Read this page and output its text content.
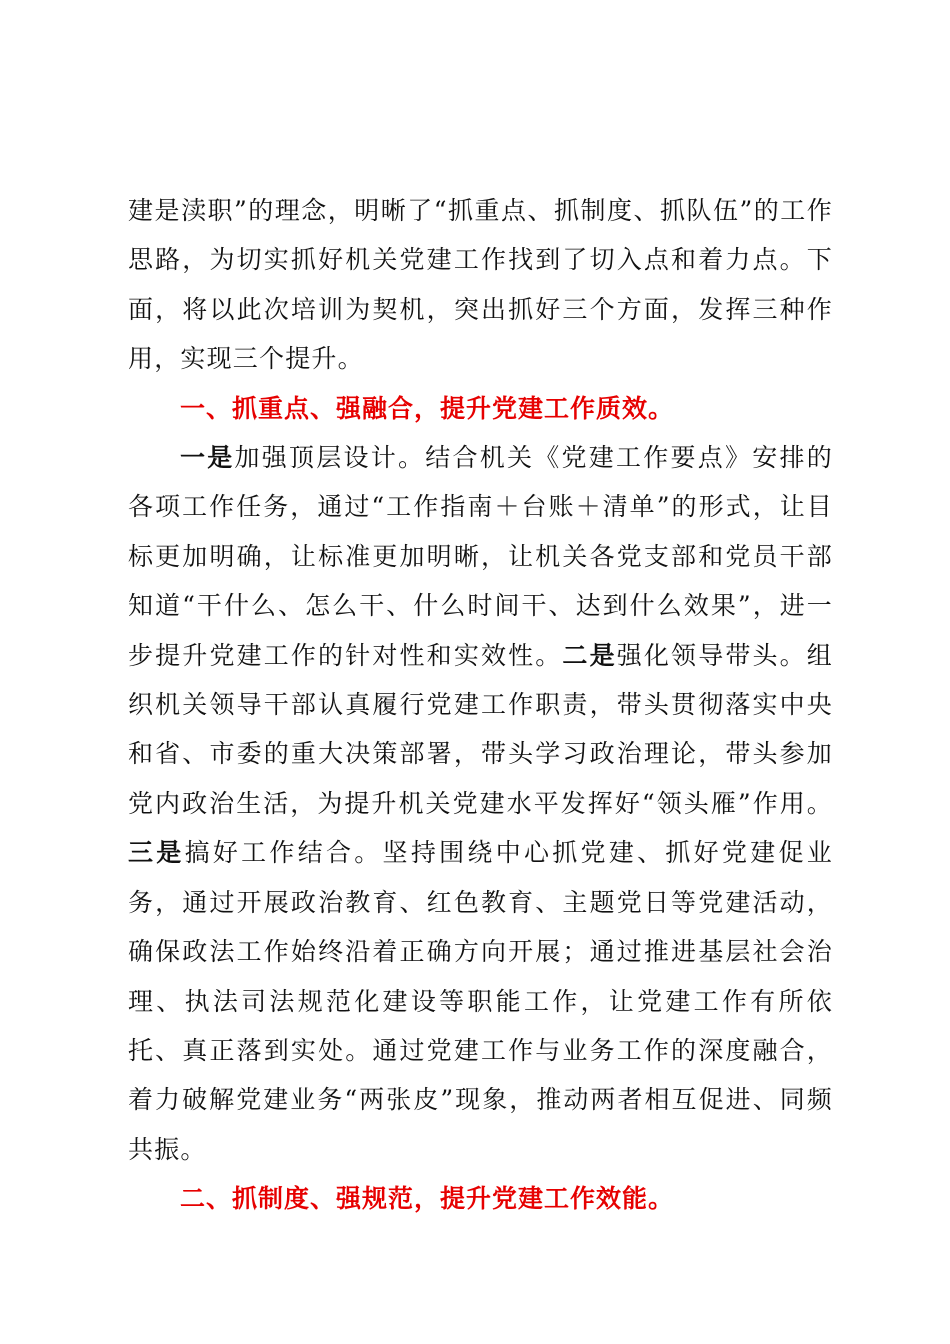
建是渎职”的理念，明晰了“抓重点、抓制度、抓队伍”的工作思路，为切实抓好机关党建工作找到了切入点和着力点。下面，将以此次培训为契机，突出抓好三个方面，发挥三种作用，实现三个提升。

一、抓重点、强融合，提升党建工作质效。

一是加强顶层设计。结合机关《党建工作要点》安排的各项工作任务，通过“工作指南＋台账＋清单”的形式，让目标更加明确，让标准更加明晰，让机关各党支部和党员干部知道“干什么、怎么干、什么时间干、达到什么效果”，进一步提升党建工作的针对性和实效性。二是强化领导带头。组织机关领导干部认真履行党建工作职责，带头贯彻落实中央和省、市委的重大决策部署，带头学习政治理论，带头参加党内政治生活，为提升机关党建水平发挥好“领头雁”作用。三是搞好工作结合。坚持围绕中心抓党建、抓好党建促业务，通过开展政治教育、红色教育、主题党日等党建活动，确保政法工作始终沿着正确方向开展；通过推进基层社会治理、执法司法规范化建设等职能工作，让党建工作有所依托、真正落到实处。通过党建工作与业务工作的深度融合，着力破解党建业务“两张皮”现象，推动两者相互促进、同频共振。

二、抓制度、强规范，提升党建工作效能。
